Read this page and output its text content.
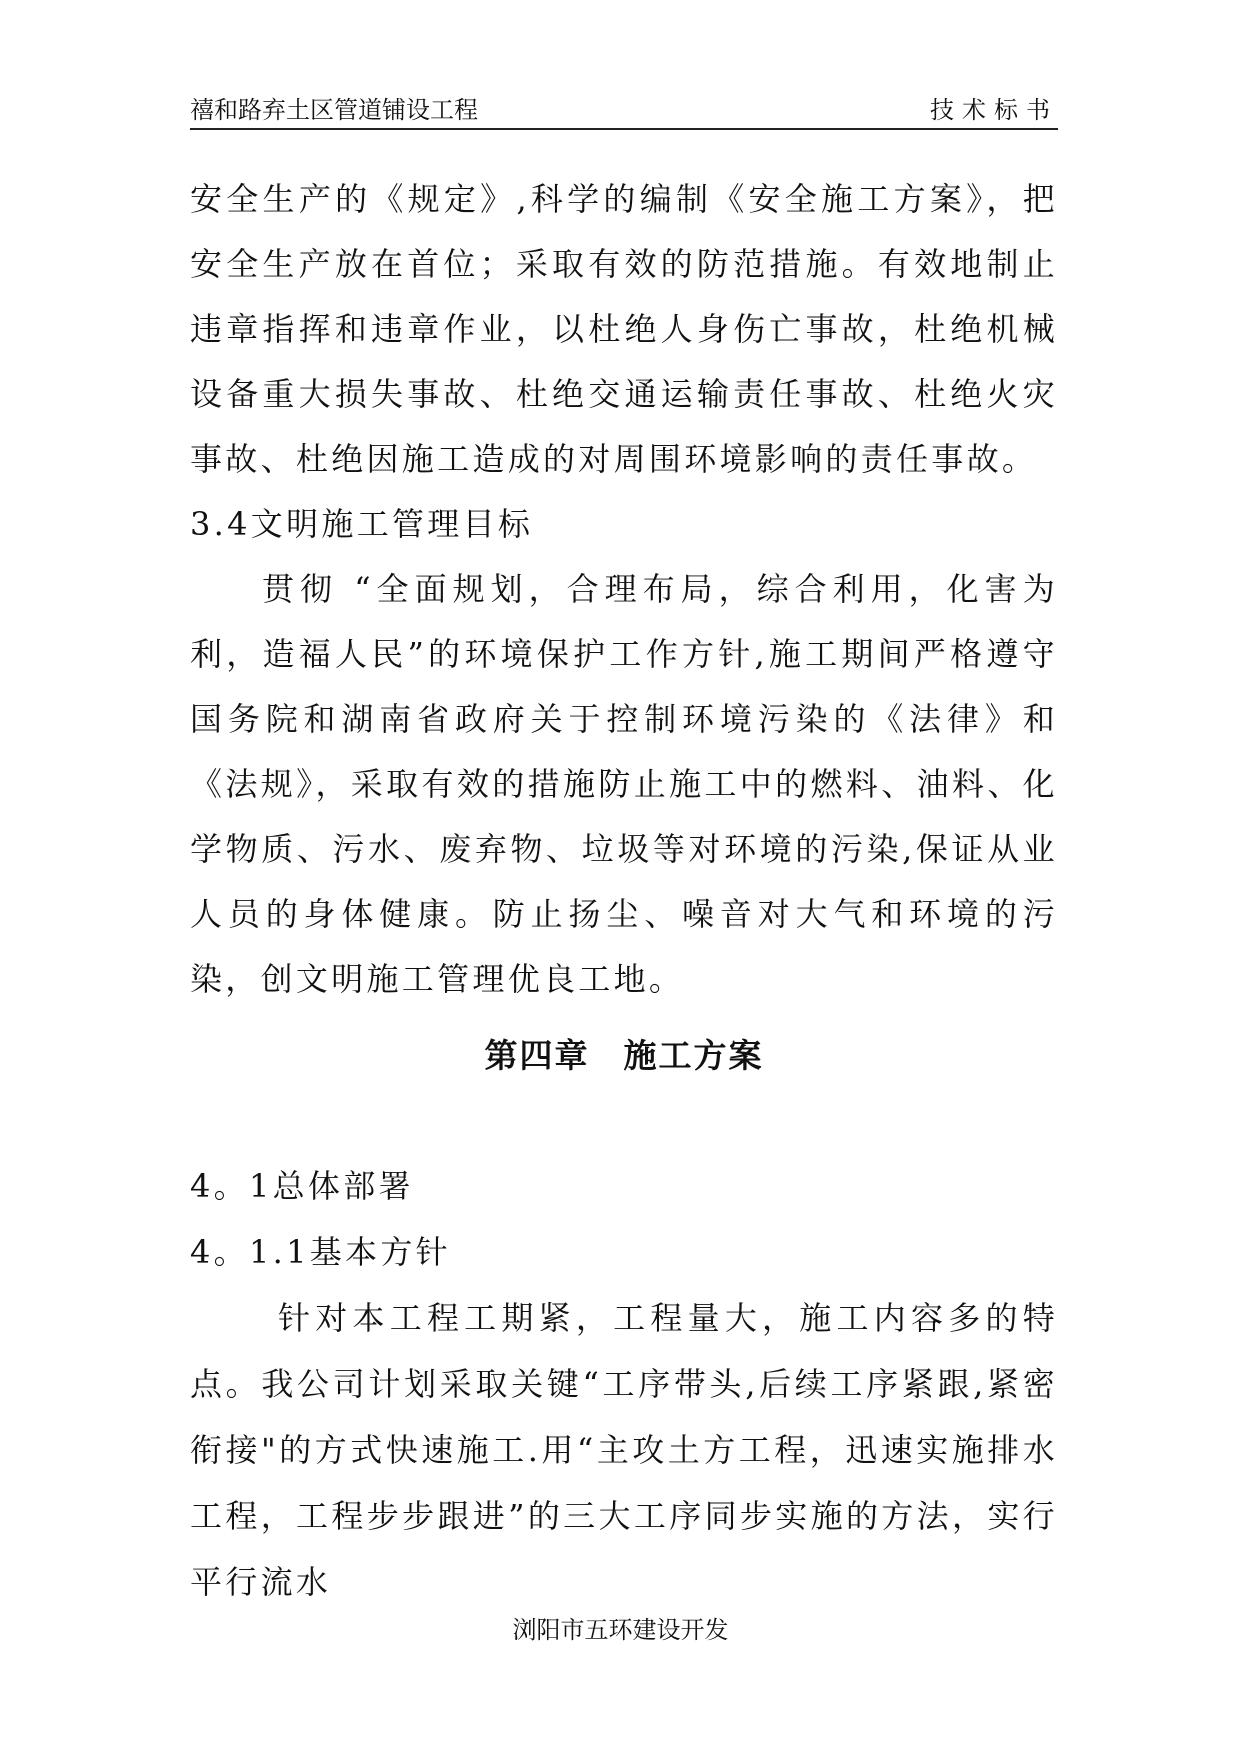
禧和路弃土区管道铺设工程	技术标书

安全生产的《规定》,科学的编制《安全施工方案》，把安全生产放在首位；采取有效的防范措施。有效地制止违章指挥和违章作业，以杜绝人身伤亡事故，杜绝机械设备重大损失事故、杜绝交通运输责任事故、杜绝火灾事故、杜绝因施工造成的对周围环境影响的责任事故。

3.4文明施工管理目标

贯彻 “全面规划，合理布局，综合利用，化害为利，造福人民”的环境保护工作方针,施工期间严格遵守国务院和湖南省政府关于控制环境污染的《法律》和《法规》，采取有效的措施防止施工中的燃料、油料、化学物质、污水、废弃物、垃圾等对环境的污染,保证从业人员的身体健康。防止扬尘、噪音对大气和环境的污染，创文明施工管理优良工地。

第四章 施工方案

4。1总体部署

4。1.1基本方针

针对本工程工期紧，工程量大，施工内容多的特点。我公司计划采取关键“工序带头,后续工序紧跟,紧密衔接"的方式快速施工.用“主攻土方工程，迅速实施排水工程，工程步步跟进”的三大工序同步实施的方法，实行平行流水

浏阳市五环建设开发
